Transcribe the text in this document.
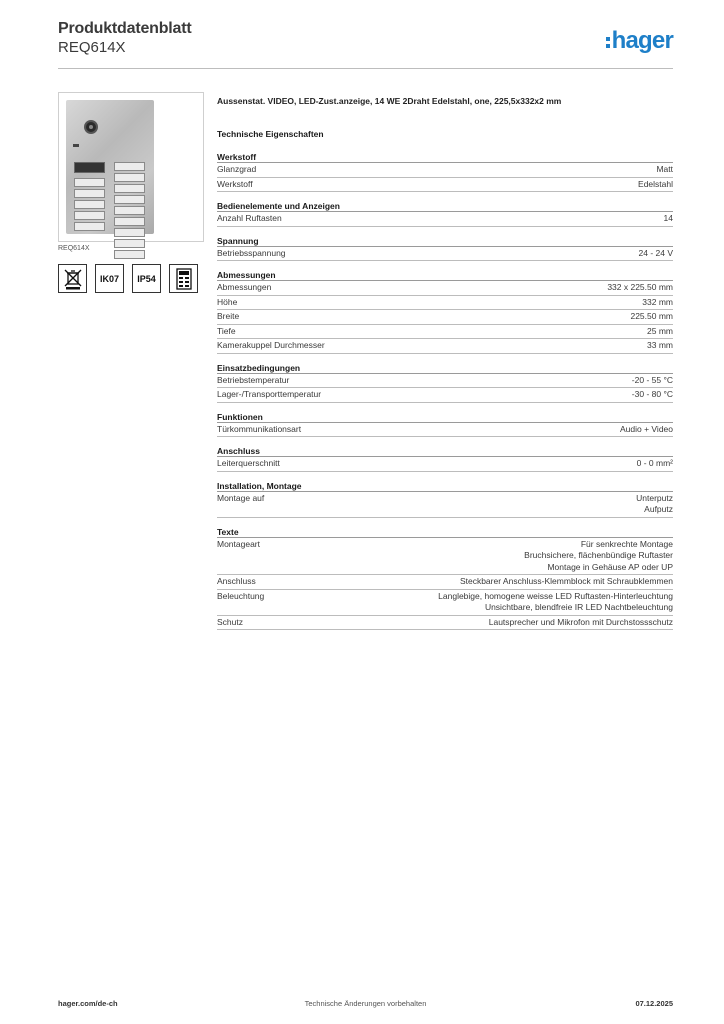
Produktdatenblatt
REQ614X	hager
REQ614X
IK07	IP54
Aussenstat. VIDEO, LED-Zust.anzeige, 14 WE 2Draht Edelstahl, one, 225,5x332x2 mm
Technische Eigenschaften
Werkstoff
Glanzgrad	Matt
Werkstoff	Edelstahl
Bedienelemente und Anzeigen
Anzahl Ruftasten	14
Spannung
Betriebsspannung	24 - 24 V
Abmessungen
Abmessungen	332 x 225.50 mm
Höhe	332 mm
Breite	225.50 mm
Tiefe	25 mm
Kamerakuppel Durchmesser	33 mm
Einsatzbedingungen
Betriebstemperatur	-20 - 55 °C
Lager-/Transporttemperatur	-30 - 80 °C
Funktionen
Türkommunikationsart	Audio + Video
Anschluss
Leiterquerschnitt	0 - 0 mm²
Installation, Montage
Montage auf	Unterputz
Aufputz
Texte
Montageart	Für senkrechte Montage
Bruchsichere, flächenbündige Ruftaster
Montage in Gehäuse AP oder UP
Anschluss	Steckbarer Anschluss-Klemmblock mit Schraubklemmen
Beleuchtung	Langlebige, homogene weisse LED Ruftasten-Hinterleuchtung
Unsichtbare, blendfreie IR LED Nachtbeleuchtung
Schutz	Lautsprecher und Mikrofon mit Durchstossschutz
Technische Änderungen vorbehalten
hager.com/de-ch	07.12.2025
